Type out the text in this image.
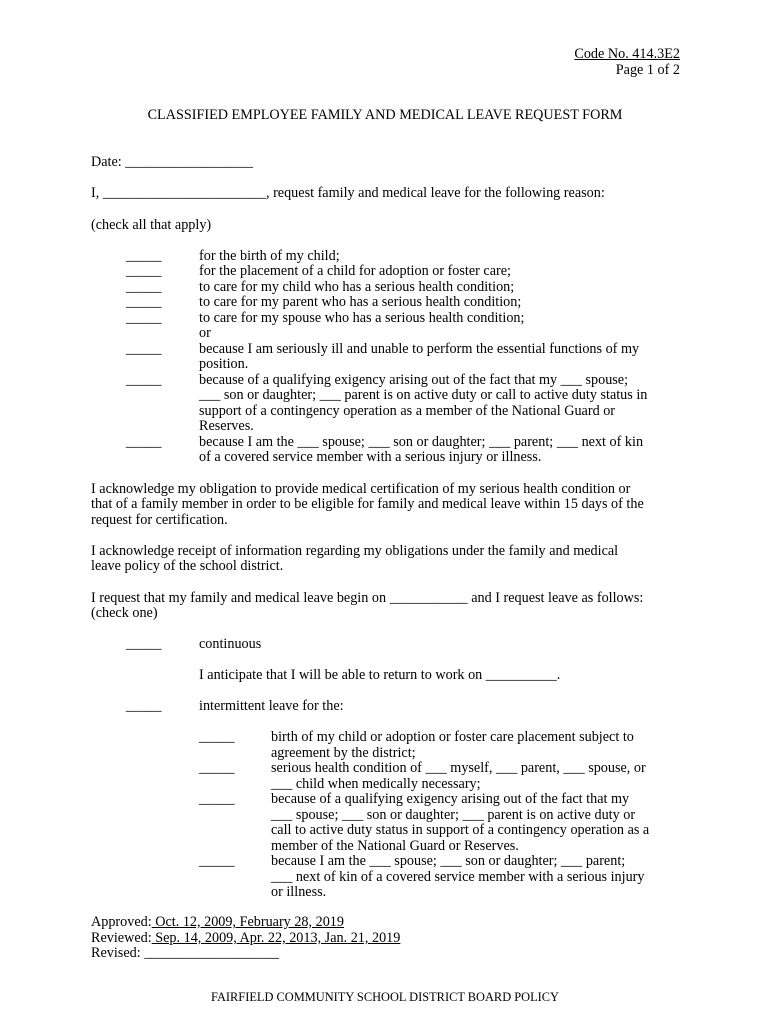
Code No. 414.3E2
Page 1 of 2
CLASSIFIED EMPLOYEE FAMILY AND MEDICAL LEAVE REQUEST FORM
Date: __________________
I, _______________________, request family and medical leave for the following reason:
(check all that apply)
_____	for the birth of my child;
_____	for the placement of a child for adoption or foster care;
_____	to care for my child who has a serious health condition;
_____	to care for my parent who has a serious health condition;
_____	to care for my spouse who has a serious health condition;
or
_____	because I am seriously ill and unable to perform the essential functions of my
position.
_____	because of a qualifying exigency arising out of the fact that my ___ spouse;
___ son or daughter; ___ parent is on active duty or call to active duty status in
support of a contingency operation as a member of the National Guard or
Reserves.
_____	because I am the ___ spouse; ___ son or daughter; ___ parent; ___ next of kin
of a covered service member with a serious injury or illness.
I acknowledge my obligation to provide medical certification of my serious health condition or
that of a family member in order to be eligible for family and medical leave within 15 days of the
request for certification.
I acknowledge receipt of information regarding my obligations under the family and medical
leave policy of the school district.
I request that my family and medical leave begin on ___________ and I request leave as follows:
(check one)
_____	continuous
I anticipate that I will be able to return to work on __________.
_____	intermittent leave for the:
_____	birth of my child or adoption or foster care placement subject to
agreement by the district;
_____	serious health condition of ___ myself, ___ parent, ___ spouse, or
___ child when medically necessary;
_____	because of a qualifying exigency arising out of the fact that my
___ spouse; ___ son or daughter; ___ parent is on active duty or
call to active duty status in support of a contingency operation as a
member of the National Guard or Reserves.
_____	because I am the ___ spouse; ___ son or daughter; ___ parent;
___ next of kin of a covered service member with a serious injury
or illness.
Approved: Oct. 12, 2009, February 28, 2019
Reviewed: Sep. 14, 2009, Apr. 22, 2013, Jan. 21, 2019
Revised: ___________________
FAIRFIELD COMMUNITY SCHOOL DISTRICT BOARD POLICY
